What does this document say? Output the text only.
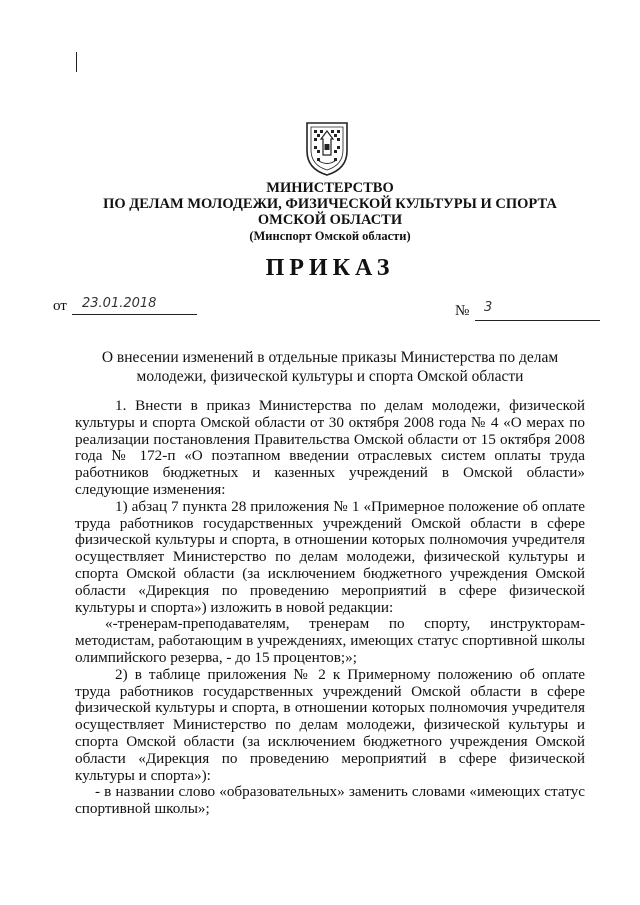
МИНИСТЕРСТВО
ПО ДЕЛАМ МОЛОДЕЖИ, ФИЗИЧЕСКОЙ КУЛЬТУРЫ И СПОРТА
ОМСКОЙ ОБЛАСТИ
(Минспорт Омской области)
ПРИКАЗ
от 23.01.2018	№ 3
О внесении изменений в отдельные приказы Министерства по делам молодежи, физической культуры и спорта Омской области

1. Внести в приказ Министерства по делам молодежи, физической культуры и спорта Омской области от 30 октября 2008 года № 4 «О мерах по реализации постановления Правительства Омской области от 15 октября 2008 года № 172-п «О поэтапном введении отраслевых систем оплаты труда работников бюджетных и казенных учреждений в Омской области» следующие изменения:

1) абзац 7 пункта 28 приложения № 1 «Примерное положение об оплате труда работников государственных учреждений Омской области в сфере физической культуры и спорта, в отношении которых полномочия учредителя осуществляет Министерство по делам молодежи, физической культуры и спорта Омской области (за исключением бюджетного учреждения Омской области «Дирекция по проведению мероприятий в сфере физической культуры и спорта») изложить в новой редакции:

«-тренерам-преподавателям, тренерам по спорту, инструкторам-методистам, работающим в учреждениях, имеющих статус спортивной школы олимпийского резерва, - до 15 процентов;»;

2) в таблице приложения № 2 к Примерному положению об оплате труда работников государственных учреждений Омской области в сфере физической культуры и спорта, в отношении которых полномочия учредителя осуществляет Министерство по делам молодежи, физической культуры и спорта Омской области (за исключением бюджетного учреждения Омской области «Дирекция по проведению мероприятий в сфере физической культуры и спорта»):

- в названии слово «образовательных» заменить словами «имеющих статус спортивной школы»;
